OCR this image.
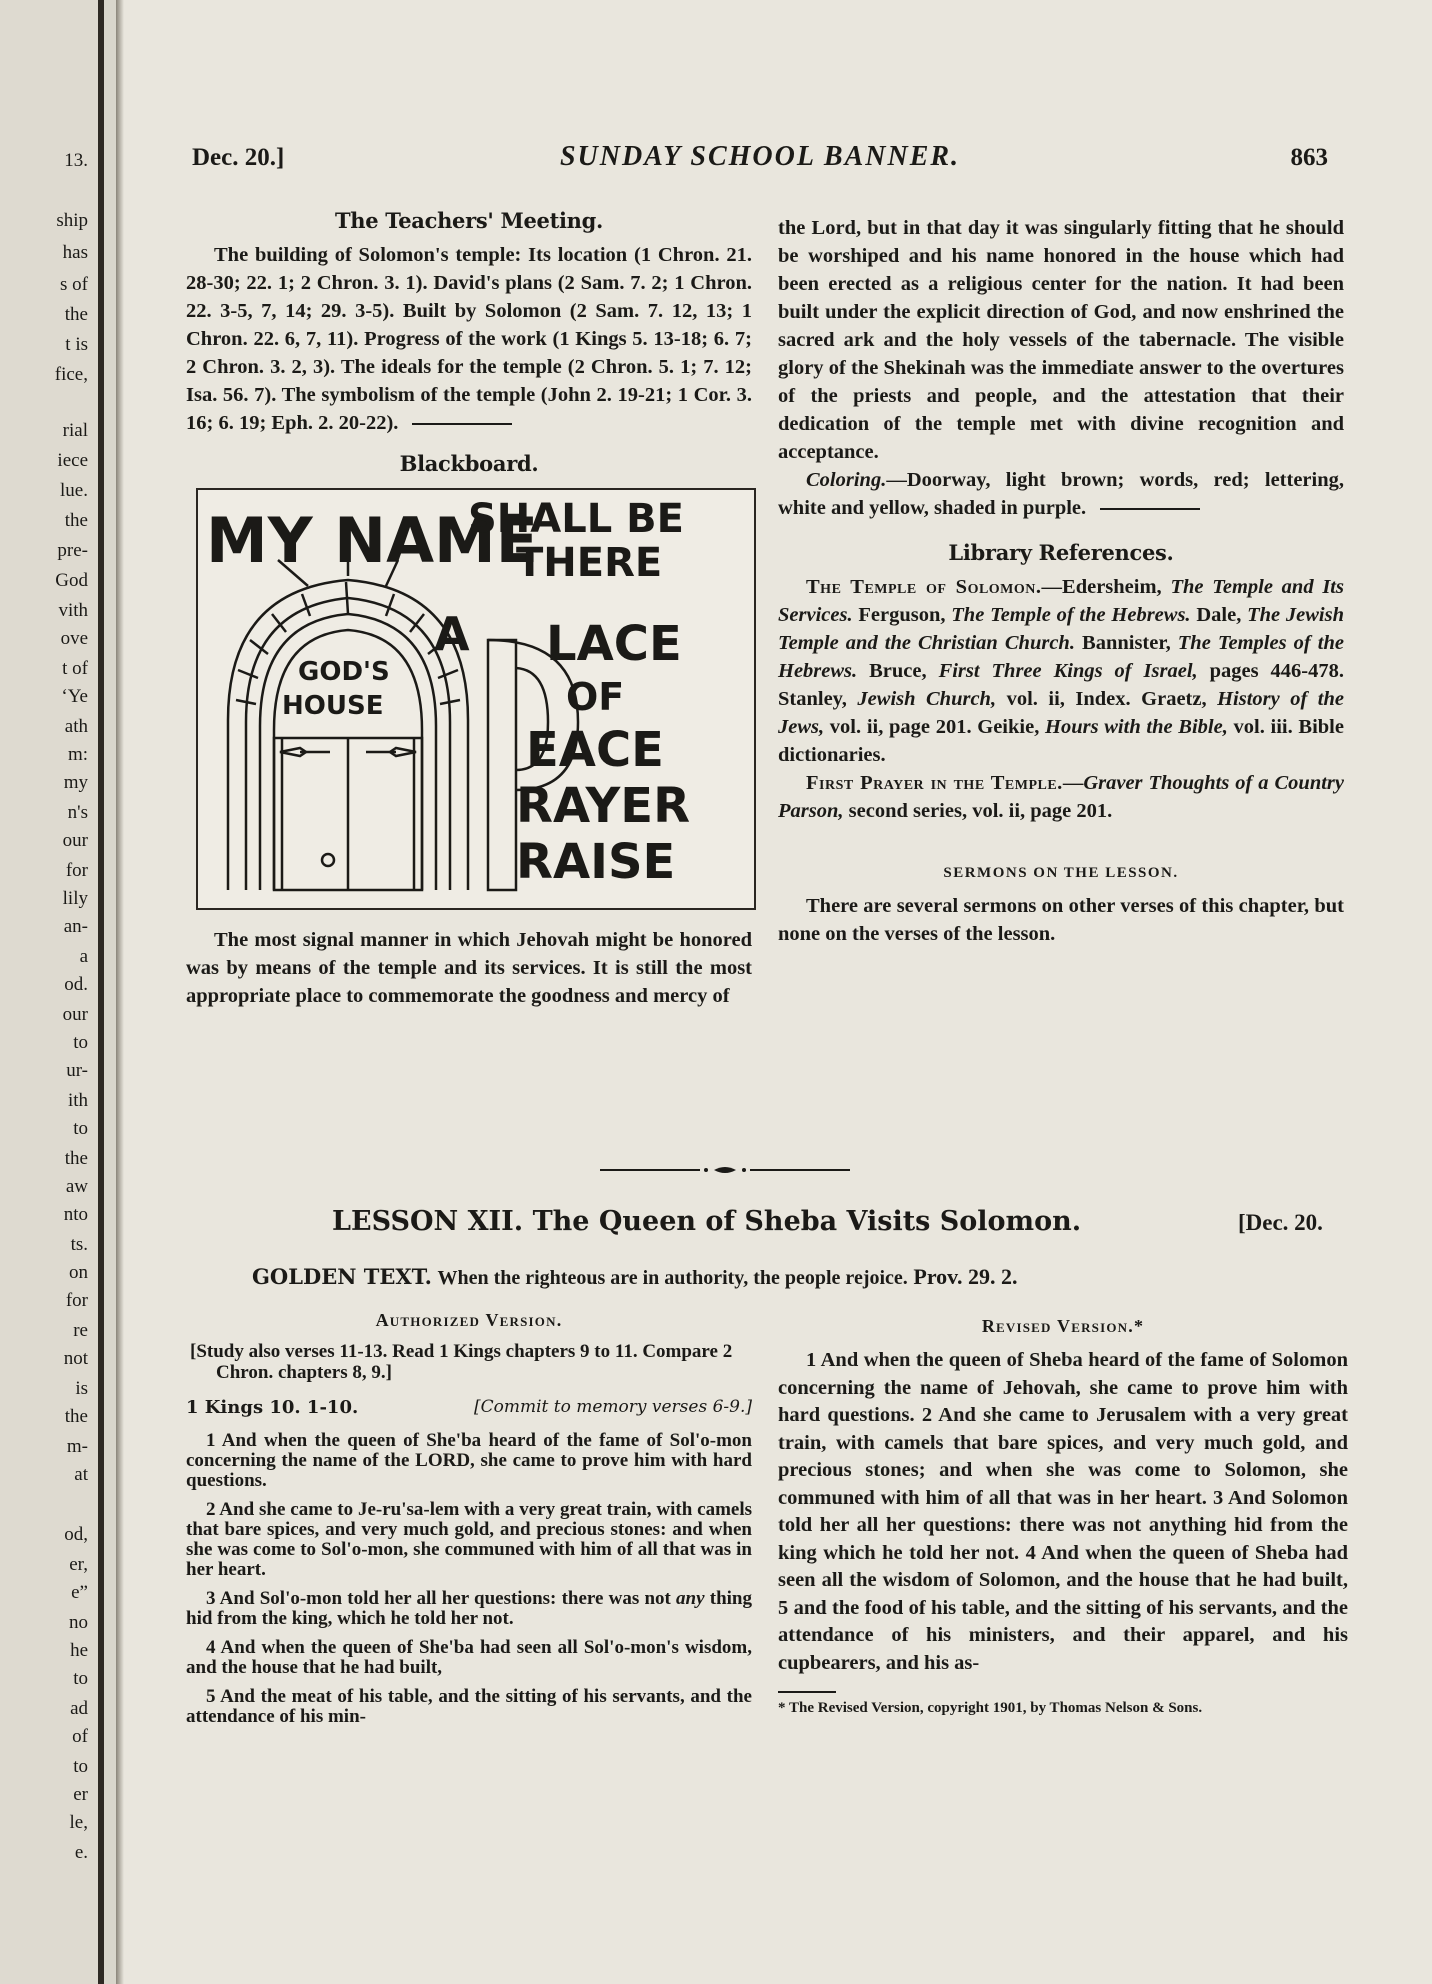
13.
ship
has
s of
the
t is
fice,
rial
iece
lue.
the
pre-
God
vith
ove
t of
‘Ye
ath
m:
my
n's
our
for
lily
an-
a
od.
our
to
ur-
ith
to
the
aw
nto
ts.
on
for
re
not
is
the
m-
at
od,
er,
e”
no
he
to
ad
of
to
er
le,
e.
Dec. 20.]	SUNDAY SCHOOL BANNER.	863
The Teachers' Meeting.

The building of Solomon's temple: Its location (1 Chron. 21. 28-30; 22. 1; 2 Chron. 3. 1). David's plans (2 Sam. 7. 2; 1 Chron. 22. 3-5, 7, 14; 29. 3-5). Built by Solomon (2 Sam. 7. 12, 13; 1 Chron. 22. 6, 7, 11). Progress of the work (1 Kings 5. 13-18; 6. 7; 2 Chron. 3. 2, 3). The ideals for the temple (2 Chron. 5. 1; 7. 12; Isa. 56. 7). The symbolism of the temple (John 2. 19-21; 1 Cor. 3. 16; 6. 19; Eph. 2. 20-22).

Blackboard.
MY NAME
SHALL BE
THERE
GOD'S
HOUSE
A LACE
OF
EACE
RAYER
RAISE

The most signal manner in which Jehovah might be honored was by means of the temple and its services. It is still the most appropriate place to commemorate the goodness and mercy of

the Lord, but in that day it was singularly fitting that he should be worshiped and his name honored in the house which had been erected as a religious center for the nation. It had been built under the explicit direction of God, and now enshrined the sacred ark and the holy vessels of the tabernacle. The visible glory of the Shekinah was the immediate answer to the overtures of the priests and people, and the attestation that their dedication of the temple met with divine recognition and acceptance.

Coloring.—Doorway, light brown; words, red; lettering, white and yellow, shaded in purple.

Library References.

The Temple of Solomon.—Edersheim, The Temple and Its Services. Ferguson, The Temple of the Hebrews. Dale, The Jewish Temple and the Christian Church. Bannister, The Temples of the Hebrews. Bruce, First Three Kings of Israel, pages 446-478. Stanley, Jewish Church, vol. ii, Index. Graetz, History of the Jews, vol. ii, page 201. Geikie, Hours with the Bible, vol. iii. Bible dictionaries.

First Prayer in the Temple.—Graver Thoughts of a Country Parson, second series, vol. ii, page 201.

SERMONS ON THE LESSON.

There are several sermons on other verses of this chapter, but none on the verses of the lesson.

LESSON XII. The Queen of Sheba Visits Solomon.	[Dec. 20.
GOLDEN TEXT. When the righteous are in authority, the people rejoice. Prov. 29. 2.
Authorized Version.

[Study also verses 11-13. Read 1 Kings chapters 9 to 11. Compare 2 Chron. chapters 8, 9.]

1 Kings 10. 1-10.	[Commit to memory verses 6-9.]

1 And when the queen of She'ba heard of the fame of Sol'o-mon concerning the name of the LORD, she came to prove him with hard questions.

2 And she came to Je-ru'sa-lem with a very great train, with camels that bare spices, and very much gold, and precious stones: and when she was come to Sol'o-mon, she communed with him of all that was in her heart.

3 And Sol'o-mon told her all her questions: there was not any thing hid from the king, which he told her not.

4 And when the queen of She'ba had seen all Sol'o-mon's wisdom, and the house that he had built,

5 And the meat of his table, and the sitting of his servants, and the attendance of his min-

Revised Version.*

1 And when the queen of Sheba heard of the fame of Solomon concerning the name of Jehovah, she came to prove him with hard questions. 2 And she came to Jerusalem with a very great train, with camels that bare spices, and very much gold, and precious stones; and when she was come to Solomon, she communed with him of all that was in her heart. 3 And Solomon told her all her questions: there was not anything hid from the king which he told her not. 4 And when the queen of Sheba had seen all the wisdom of Solomon, and the house that he had built, 5 and the food of his table, and the sitting of his servants, and the attendance of his ministers, and their apparel, and his cupbearers, and his as-

* The Revised Version, copyright 1901, by Thomas Nelson & Sons.
